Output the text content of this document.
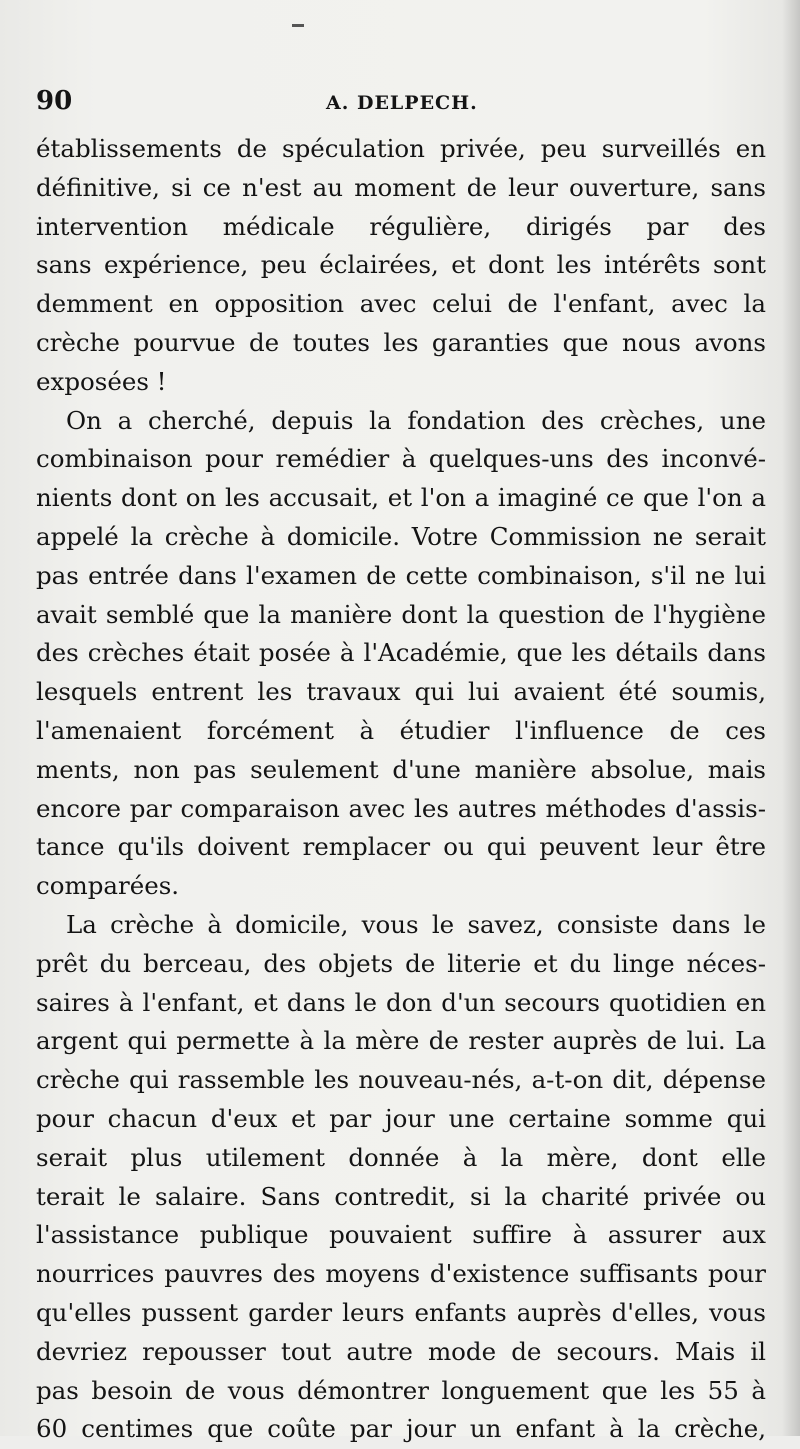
90	A. DELPECH.
établissements de spéculation privée, peu surveillés en
définitive, si ce n'est au moment de leur ouverture, sans
intervention médicale régulière, dirigés par des
sans expérience, peu éclairées, et dont les intérêts sont
demment en opposition avec celui de l'enfant, avec la
crèche pourvue de toutes les garanties que nous avons
exposées !
On a cherché, depuis la fondation des crèches, une
combinaison pour remédier à quelques-uns des inconvé-
nients dont on les accusait, et l'on a imaginé ce que l'on a
appelé la crèche à domicile. Votre Commission ne serait
pas entrée dans l'examen de cette combinaison, s'il ne lui
avait semblé que la manière dont la question de l'hygiène
des crèches était posée à l'Académie, que les détails dans
lesquels entrent les travaux qui lui avaient été soumis,
l'amenaient forcément à étudier l'influence de ces
ments, non pas seulement d'une manière absolue, mais
encore par comparaison avec les autres méthodes d'assis-
tance qu'ils doivent remplacer ou qui peuvent leur être
comparées.
La crèche à domicile, vous le savez, consiste dans le
prêt du berceau, des objets de literie et du linge néces-
saires à l'enfant, et dans le don d'un secours quotidien en
argent qui permette à la mère de rester auprès de lui. La
crèche qui rassemble les nouveau-nés, a-t-on dit, dépense
pour chacun d'eux et par jour une certaine somme qui
serait plus utilement donnée à la mère, dont elle
terait le salaire. Sans contredit, si la charité privée ou
l'assistance publique pouvaient suffire à assurer aux
nourrices pauvres des moyens d'existence suffisants pour
qu'elles pussent garder leurs enfants auprès d'elles, vous
devriez repousser tout autre mode de secours. Mais il
pas besoin de vous démontrer longuement que les 55 à
60 centimes que coûte par jour un enfant à la crèche,
